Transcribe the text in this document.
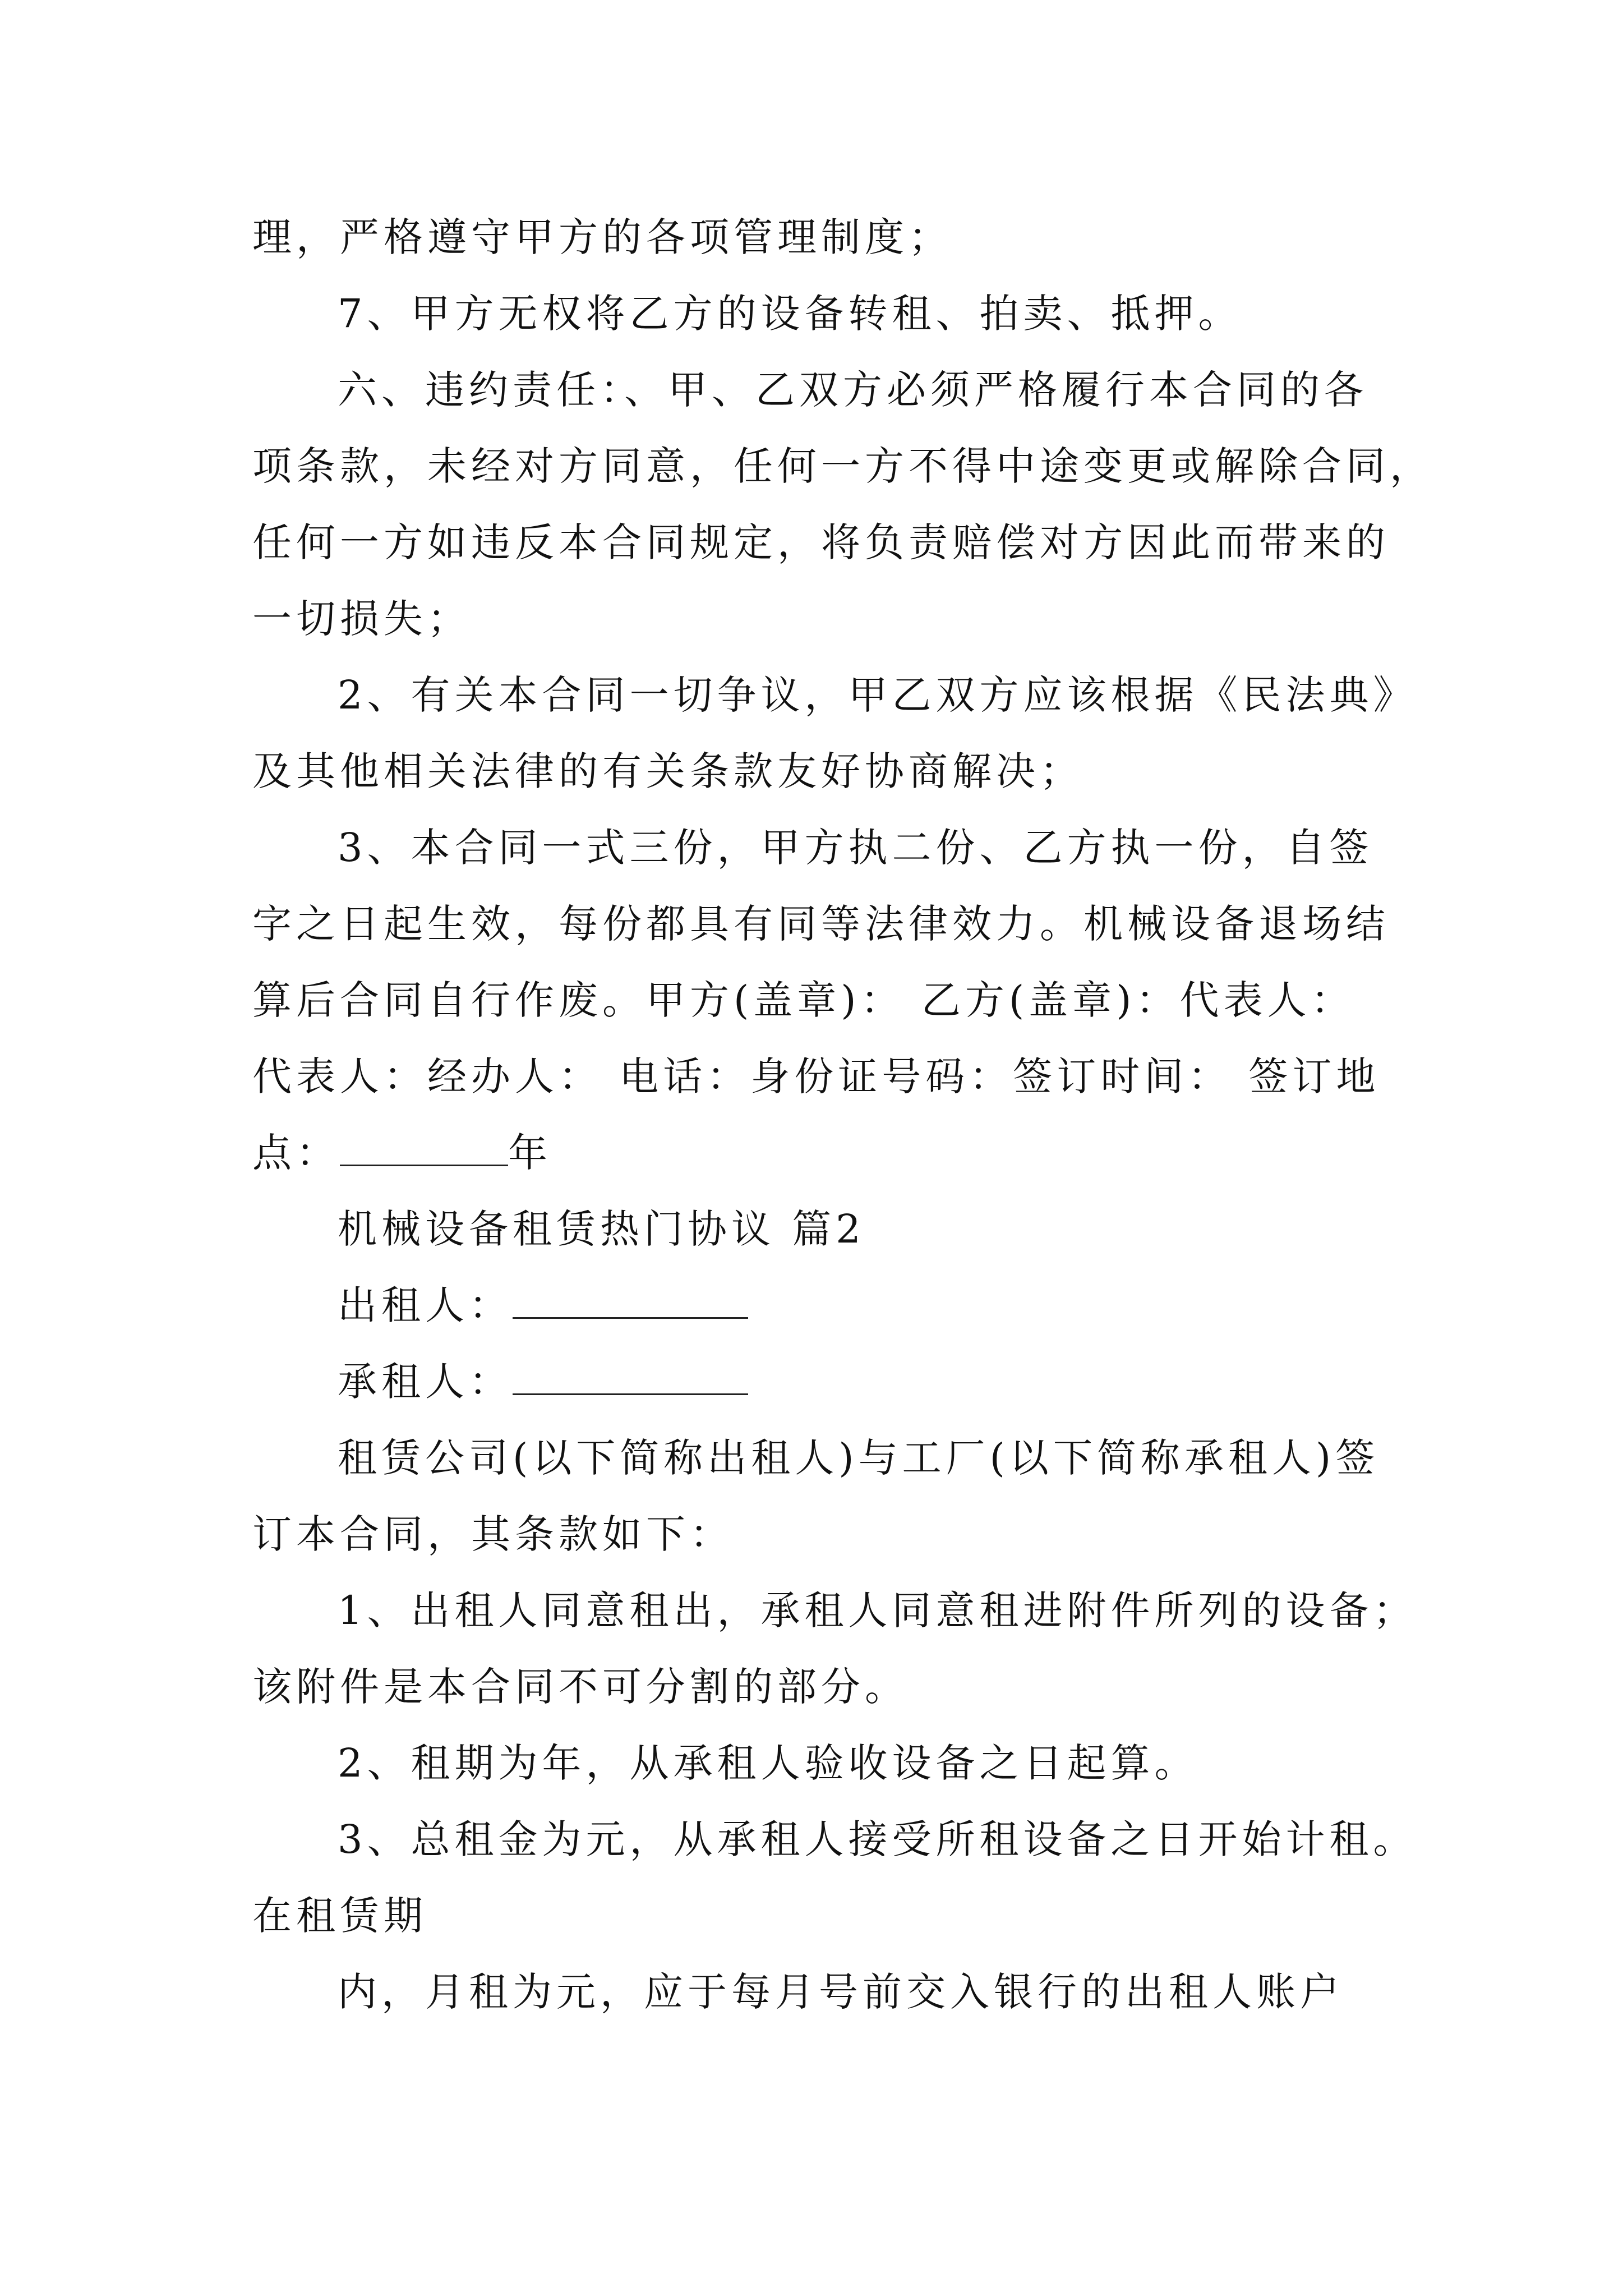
理，严格遵守甲方的各项管理制度；
7、甲方无权将乙方的设备转租、拍卖、抵押。
六、违约责任：、甲、乙双方必须严格履行本合同的各
项条款，未经对方同意，任何一方不得中途变更或解除合同，
任何一方如违反本合同规定，将负责赔偿对方因此而带来的
一切损失；
2、有关本合同一切争议，甲乙双方应该根据《民法典》
及其他相关法律的有关条款友好协商解决；
3、本合同一式三份，甲方执二份、乙方执一份，自签
字之日起生效，每份都具有同等法律效力。机械设备退场结
算后合同自行作废。甲方(盖章)： 乙方(盖章)：代表人：
代表人：经办人： 电话：身份证号码：签订时间： 签订地
点：	年
机械设备租赁热门协议 篇2
出租人：
承租人：
租赁公司(以下简称出租人)与工厂(以下简称承租人)签
订本合同，其条款如下：
1、出租人同意租出，承租人同意租进附件所列的设备；
该附件是本合同不可分割的部分。
2、租期为年，从承租人验收设备之日起算。
3、总租金为元，从承租人接受所租设备之日开始计租。
在租赁期
内，月租为元，应于每月号前交入银行的出租人账户
